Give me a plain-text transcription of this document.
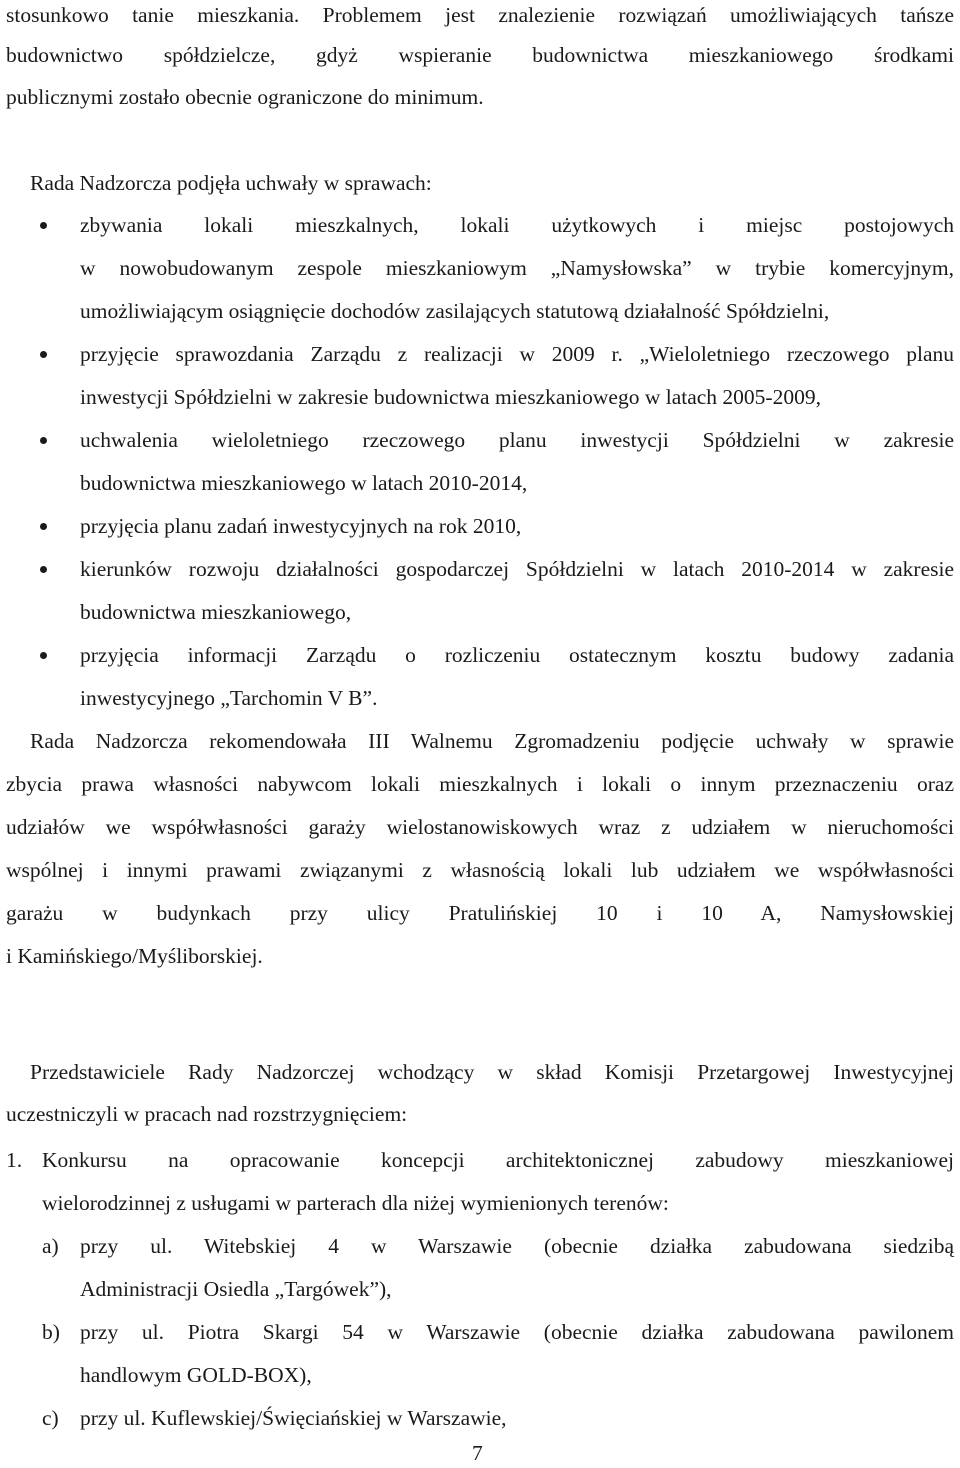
stosunkowo tanie mieszkania. Problemem jest znalezienie rozwiązań umożliwiających tańsze
budownictwo spółdzielcze, gdyż wspieranie budownictwa mieszkaniowego środkami
publicznymi zostało obecnie ograniczone do minimum.
Rada Nadzorcza podjęła uchwały w sprawach:
zbywania lokali mieszkalnych, lokali użytkowych i miejsc postojowych
w nowobudowanym zespole mieszkaniowym „Namysłowska” w trybie komercyjnym,
umożliwiającym osiągnięcie dochodów zasilających statutową działalność Spółdzielni,
przyjęcie sprawozdania Zarządu z realizacji w 2009 r. „Wieloletniego rzeczowego planu
inwestycji Spółdzielni w zakresie budownictwa mieszkaniowego w latach 2005-2009,
uchwalenia wieloletniego rzeczowego planu inwestycji Spółdzielni w zakresie
budownictwa mieszkaniowego w latach 2010-2014,
przyjęcia planu zadań inwestycyjnych na rok 2010,
kierunków rozwoju działalności gospodarczej Spółdzielni w latach 2010-2014 w zakresie
budownictwa mieszkaniowego,
przyjęcia informacji Zarządu o rozliczeniu ostatecznym kosztu budowy zadania
inwestycyjnego „Tarchomin V B”.
Rada Nadzorcza rekomendowała III Walnemu Zgromadzeniu podjęcie uchwały w sprawie
zbycia prawa własności nabywcom lokali mieszkalnych i lokali o innym przeznaczeniu oraz
udziałów we współwłasności garaży wielostanowiskowych wraz z udziałem w nieruchomości
wspólnej i innymi prawami związanymi z własnością lokali lub udziałem we współwłasności
garażu w budynkach przy ulicy Pratulińskiej 10 i 10 A, Namysłowskiej
i Kamińskiego/Myśliborskiej.
Przedstawiciele Rady Nadzorczej wchodzący w skład Komisji Przetargowej Inwestycyjnej
uczestniczyli w pracach nad rozstrzygnięciem:
1. Konkursu na opracowanie koncepcji architektonicznej zabudowy mieszkaniowej
wielorodzinnej z usługami w parterach dla niżej wymienionych terenów:
a) przy ul. Witebskiej 4 w Warszawie (obecnie działka zabudowana siedzibą
Administracji Osiedla „Targówek”),
b) przy ul. Piotra Skargi 54 w Warszawie (obecnie działka zabudowana pawilonem
handlowym GOLD-BOX),
c) przy ul. Kuflewskiej/Święciańskiej w Warszawie,
7
